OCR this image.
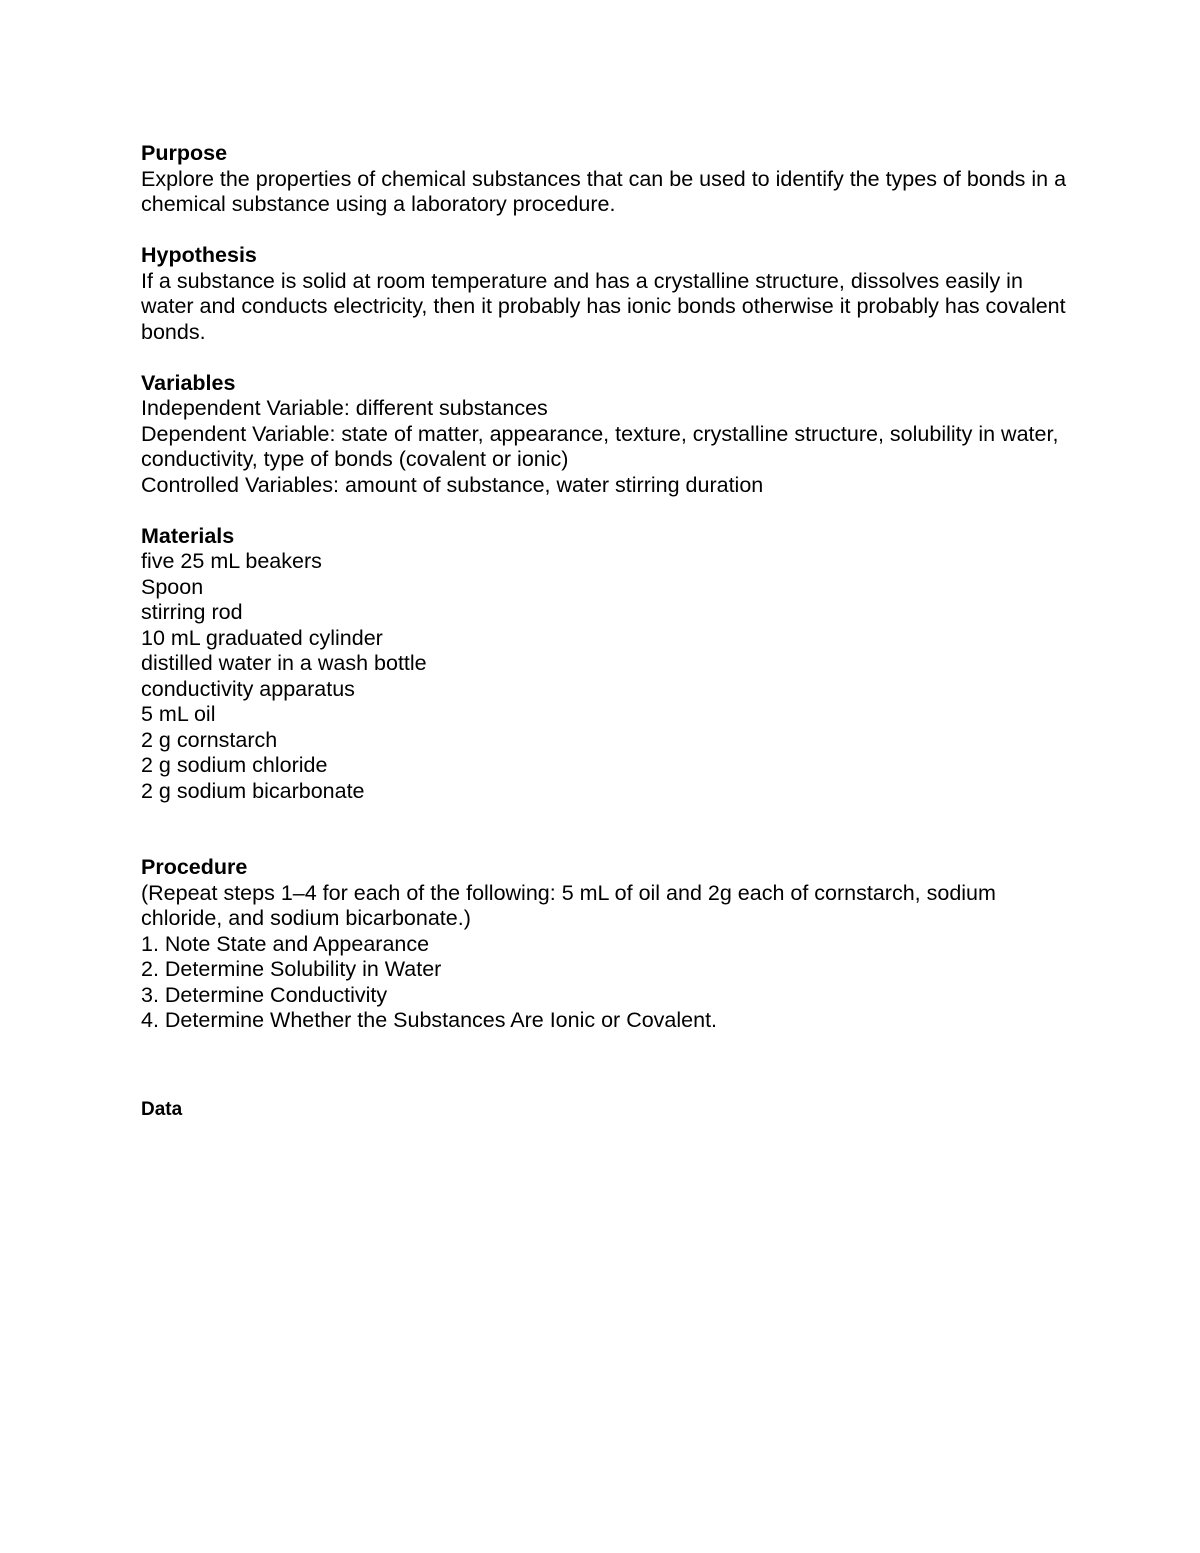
Purpose
Explore the properties of chemical substances that can be used to identify the types of bonds in a chemical substance using a laboratory procedure.
Hypothesis
If a substance is solid at room temperature and has a crystalline structure, dissolves easily in water and conducts electricity, then it probably has ionic bonds otherwise it probably has covalent bonds.
Variables
Independent Variable: different substances
Dependent Variable: state of matter, appearance, texture, crystalline structure, solubility in water, conductivity, type of bonds (covalent or ionic)
Controlled Variables: amount of substance, water stirring duration
Materials
five 25 mL beakers
Spoon
stirring rod
10 mL graduated cylinder
distilled water in a wash bottle
conductivity apparatus
5 mL oil
2 g cornstarch
2 g sodium chloride
2 g sodium bicarbonate
Procedure
(Repeat steps 1–4 for each of the following: 5 mL of oil and 2g each of cornstarch, sodium chloride, and sodium bicarbonate.)
1. Note State and Appearance
2. Determine Solubility in Water
3. Determine Conductivity
4. Determine Whether the Substances Are Ionic or Covalent.
Data
